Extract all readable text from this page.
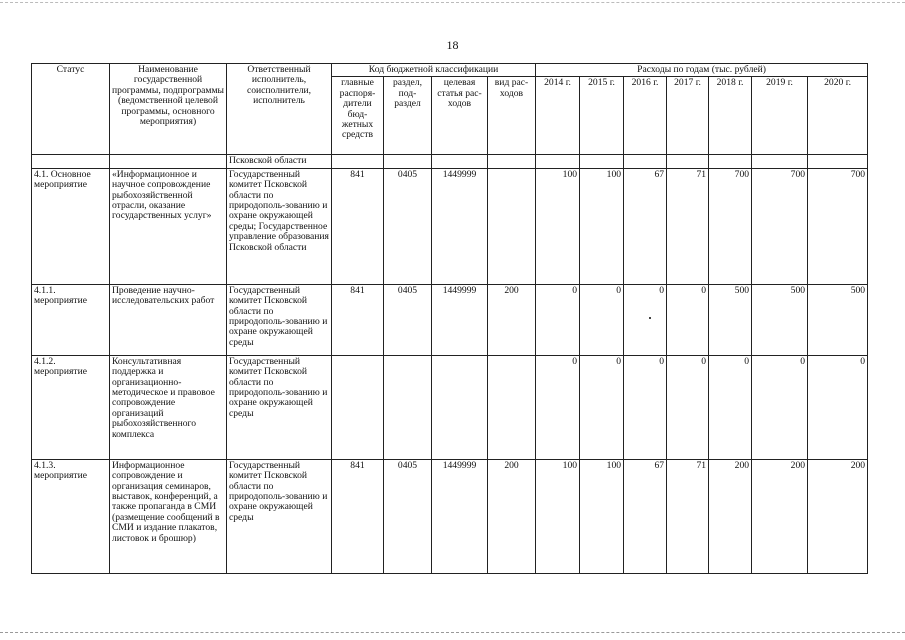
18
Статус	Наименование государственной программы, подпрограммы (ведомственной целевой программы, основного мероприятия)	Ответственный исполнитель, соисполнители, исполнитель	Код бюджетной классификации				Расходы по годам (тыс. рублей)						
			главные распоря-дители бюд-жетных средств	раздел, под-раздел	целевая статья рас-ходов	вид рас-ходов	2014 г.	2015 г.	2016 г.	2017 г.	2018 г.	2019 г.	2020 г.
		Псковской области											
4.1. Основное мероприятие	«Информационное и научное сопровождение рыбохозяйственной отрасли, оказание государственных услуг»	Государственный комитет Псковской области по природополь-зованию и охране окружающей среды; Государственное управление образования Псковской области	841	0405	1449999		100	100	67	71	700	700	700
4.1.1. мероприятие	Проведение научно-исследовательских работ	Государственный комитет Псковской области по природополь-зованию и охране окружающей среды	841	0405	1449999	200	0	0	0	0	500	500	500
4.1.2. мероприятие	Консультативная поддержка и организационно-методическое и правовое сопровождение организаций рыбохозяйственного комплекса	Государственный комитет Псковской области по природополь-зованию и охране окружающей среды					0	0	0	0	0	0	0
4.1.3. мероприятие	Информационное сопровождение и организация семинаров, выставок, конференций, а также пропаганда в СМИ (размещение сообщений в СМИ и издание плакатов, листовок и брошюр)	Государственный комитет Псковской области по природополь-зованию и охране окружающей среды	841	0405	1449999	200	100	100	67	71	200	200	200
